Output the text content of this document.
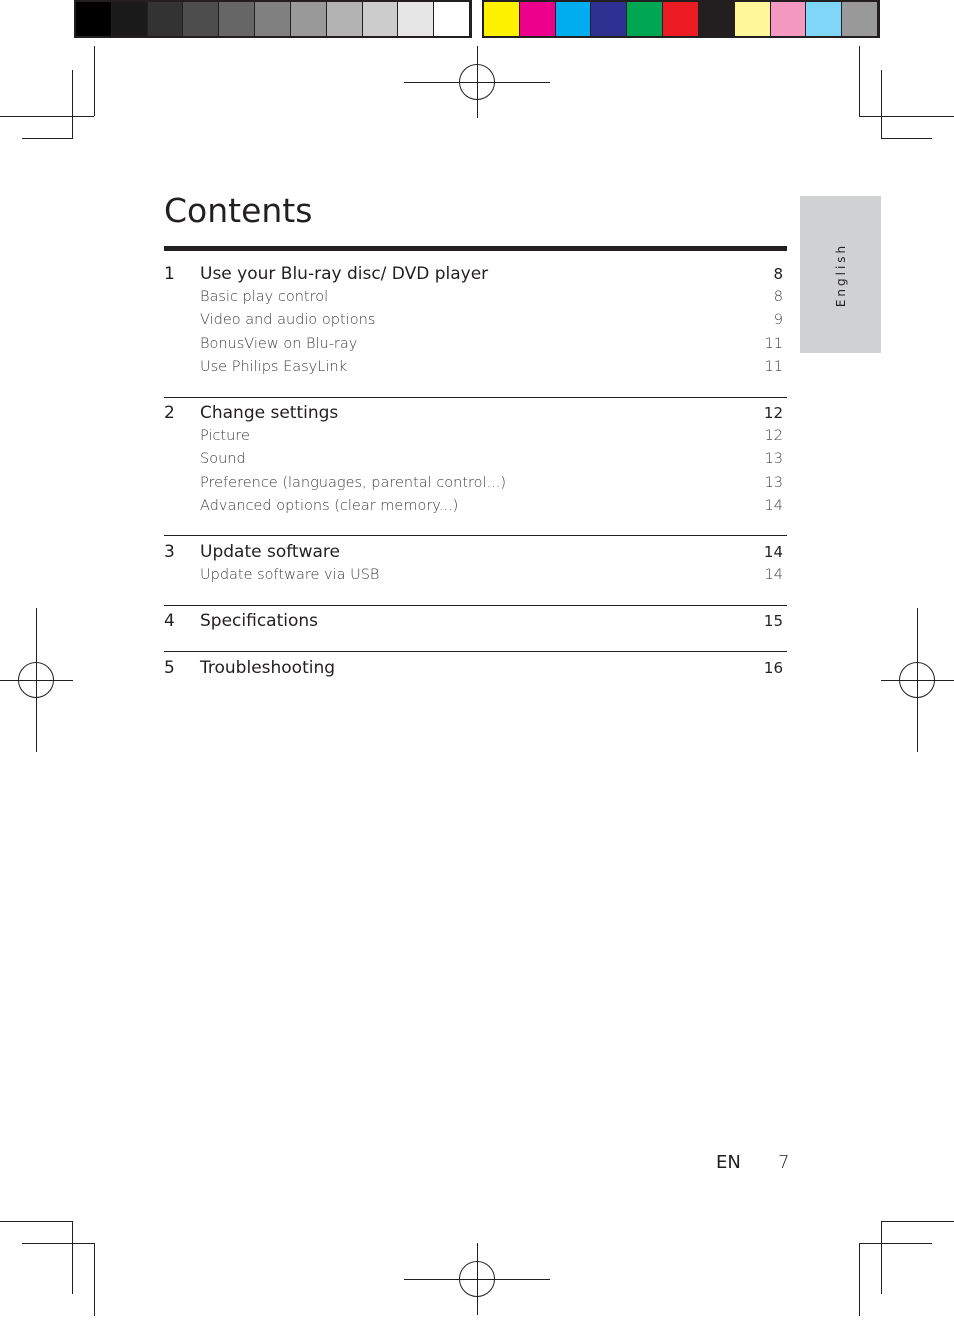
English
Contents
1 Use your Blu-ray disc/ DVD player	8
Basic play control	8
Video and audio options	9
BonusView on Blu-ray	11
Use Philips EasyLink	11
2 Change settings	12
Picture	12
Sound	13
Preference (languages, parental control...)	13
Advanced options (clear memory...)	14
3 Update software	14
Update software via USB	14
4 Specifications	15
5 Troubleshooting	16
EN 7
